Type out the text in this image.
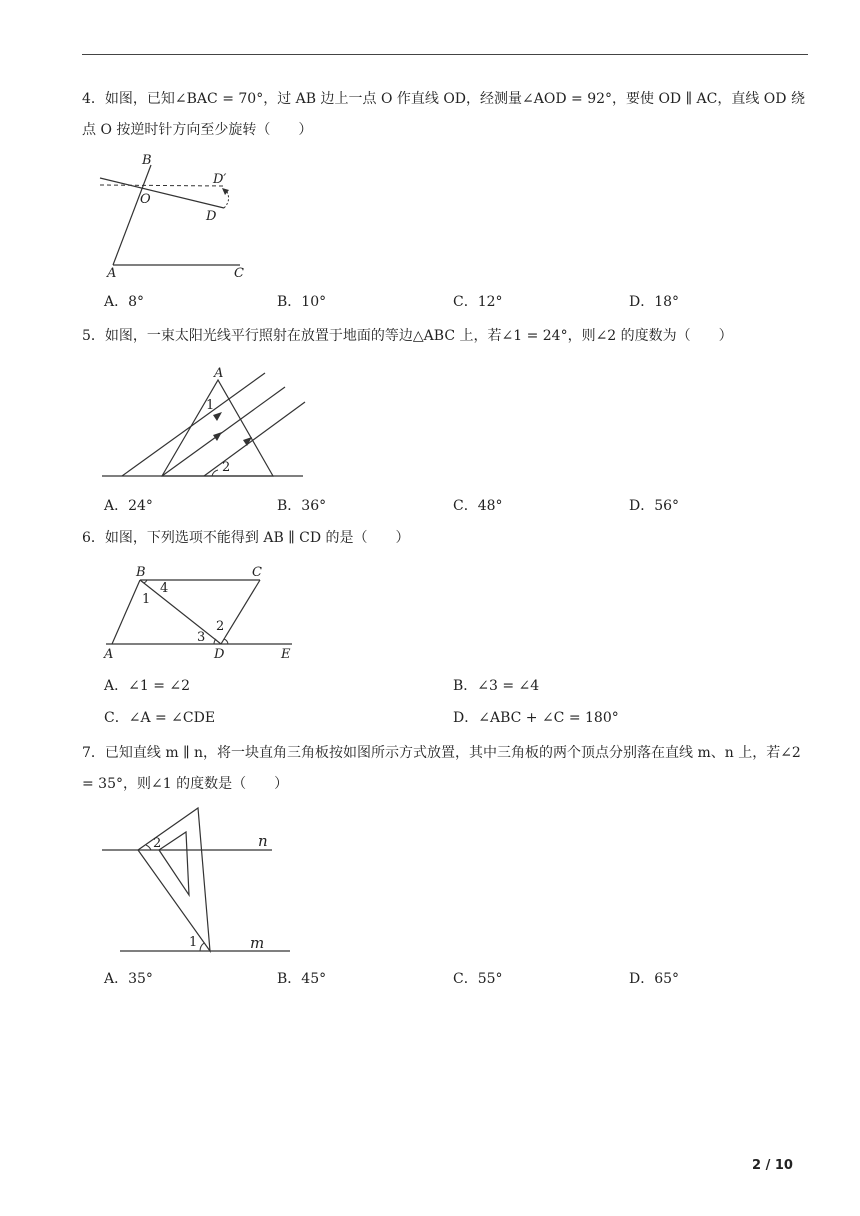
4．如图，已知∠BAC = 70°，过 AB 边上一点 O 作直线 OD，经测量∠AOD = 92°，要使 OD ∥ AC，直线 OD 绕点 O 按逆时针方向至少旋转（　　）
B
O
D′
D
A	C
A．8°	B．10°	C．12°	D．18°
5．如图，一束太阳光线平行照射在放置于地面的等边△ABC 上，若∠1 = 24°，则∠2 的度数为（　　）
A
1
2
A．24°	B．36°	C．48°	D．56°
6．如图，下列选项不能得到 AB ∥ CD 的是（　　）
B	C
4
1
3
2
A	D	E
A．∠1 = ∠2	B．∠3 = ∠4
C．∠A = ∠CDE	D．∠ABC + ∠C = 180°
7．已知直线 m ∥ n，将一块直角三角板按如图所示方式放置，其中三角板的两个顶点分别落在直线 m、n 上，若∠2 = 35°，则∠1 的度数是（　　）
n
m
2
1
A．35°	B．45°	C．55°	D．65°
2 / 10
